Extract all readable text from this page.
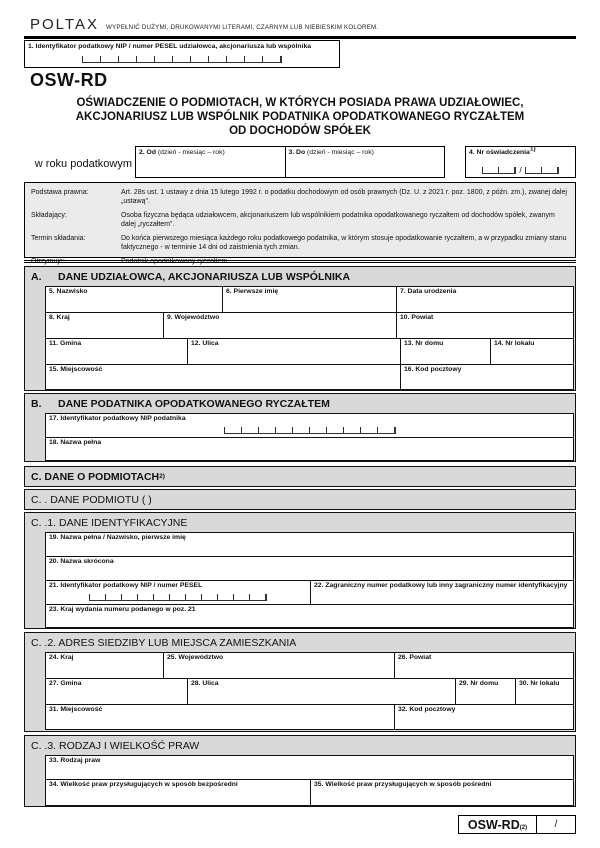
POLTAX WYPEŁNIĆ DUŻYMI, DRUKOWANYMI LITERAMI, CZARNYM LUB NIEBIESKIM KOLOREM.
1. Identyfikator podatkowy NIP / numer PESEL udziałowca, akcjonariusza lub wspólnika
OSW-RD
OŚWIADCZENIE O PODMIOTACH, W KTÓRYCH POSIADA PRAWA UDZIAŁOWIEC,
AKCJONARIUSZ LUB WSPÓLNIK PODATNIKA OPODATKOWANEGO RYCZAŁTEM
OD DOCHODÓW SPÓŁEK
w roku podatkowym
2. Od (dzień - miesiąc – rok)	3. Do (dzień - miesiąc – rok)	4. Nr oświadczenia1)
/
Podstawa prawna:	Art. 28s ust. 1 ustawy z dnia 15 lutego 1992 r. o podatku dochodowym od osób prawnych (Dz. U. z 2021 r. poz. 1800, z późn. zm.), zwanej dalej „ustawą”.
Składający:	Osoba fizyczna będąca udziałowcem, akcjonariuszem lub wspólnikiem podatnika opodatkowanego ryczałtem od dochodów spółek, zwanym dalej „ryczałtem”.
Termin składania:	Do końca pierwszego miesiąca każdego roku podatkowego podatnika, w którym stosuje opodatkowanie ryczałtem, a w przypadku zmiany stanu faktycznego - w terminie 14 dni od zaistnienia tych zmian.
Otrzymuje:	Podatnik opodatkowany ryczałtem.
A.	DANE UDZIAŁOWCA, AKCJONARIUSZA LUB WSPÓLNIKA
5. Nazwisko	6. Pierwsze imię	7. Data urodzenia
8. Kraj	9. Województwo	10. Powiat
11. Gmina	12. Ulica	13. Nr domu	14. Nr lokalu
15. Miejscowość	16. Kod pocztowy
B.	DANE PODATNIKA OPODATKOWANEGO RYCZAŁTEM
17. Identyfikator podatkowy NIP podatnika
18. Nazwa pełna
C. DANE O PODMIOTACH 2)
C. . DANE PODMIOTU ( )
C. .1. DANE IDENTYFIKACYJNE
19. Nazwa pełna / Nazwisko, pierwsze imię
20. Nazwa skrócona
21. Identyfikator podatkowy NIP / numer PESEL	22. Zagraniczny numer podatkowy lub inny zagraniczny numer identyfikacyjny
23. Kraj wydania numeru podanego w poz. 21
C. .2. ADRES SIEDZIBY LUB MIEJSCA ZAMIESZKANIA
24. Kraj	25. Województwo	26. Powiat
27. Gmina	28. Ulica	29. Nr domu	30. Nr lokalu
31. Miejscowość	32. Kod pocztowy
C. .3. RODZAJ I WIELKOŚĆ PRAW
33. Rodzaj praw
34. Wielkość praw przysługujących w sposób bezpośredni	35. Wielkość praw przysługujących w sposób pośredni
OSW-RD (2)	/
